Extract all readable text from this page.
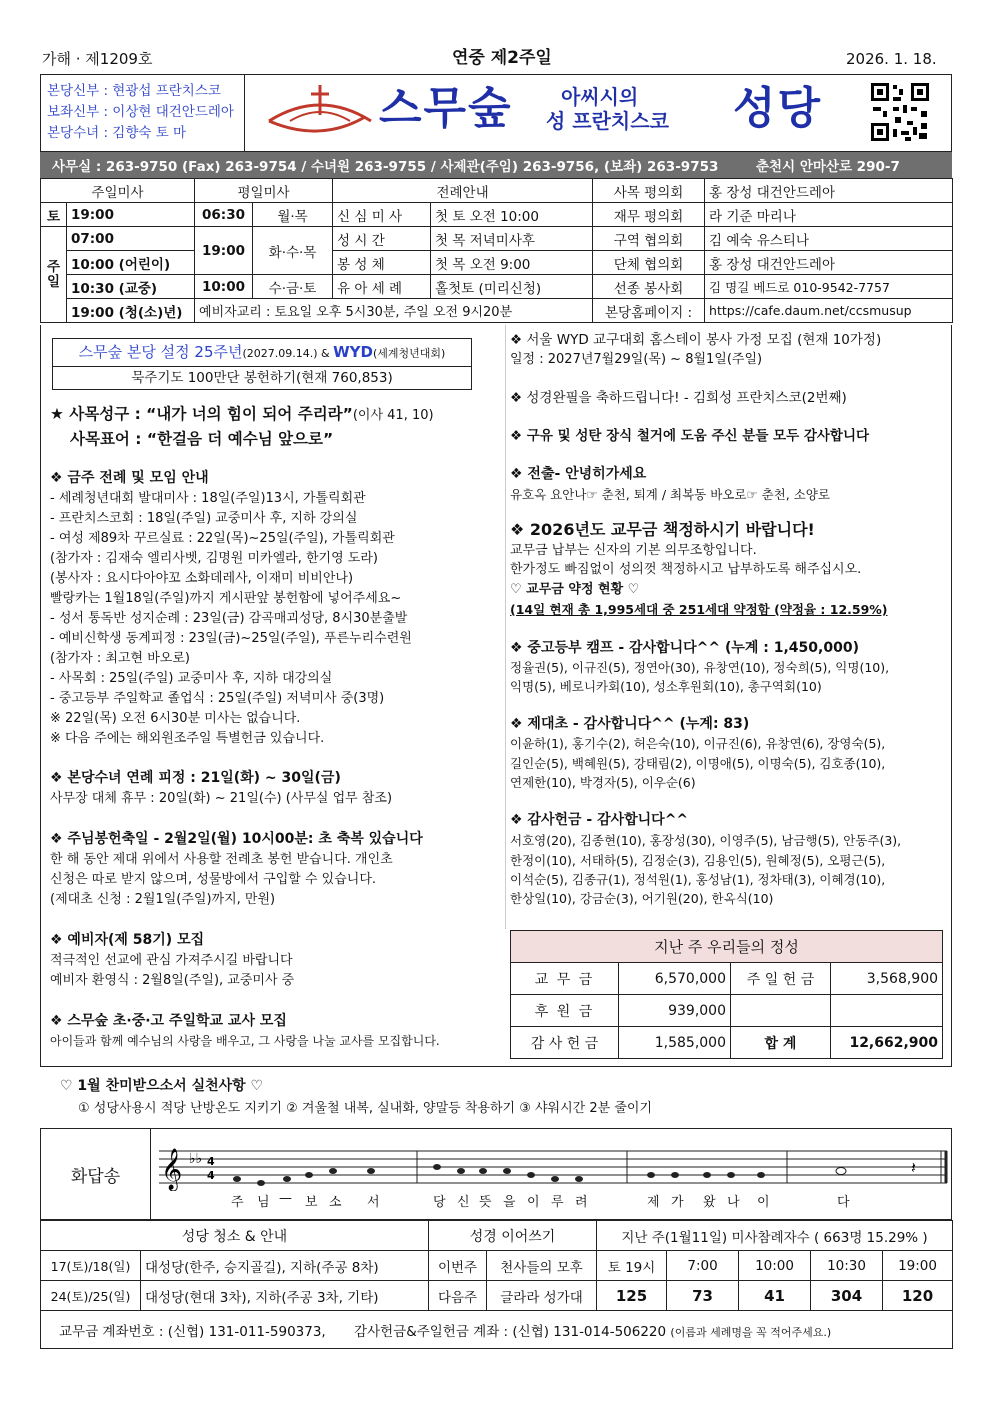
가해 · 제1209호	연중 제2주일	2026. 1. 18.
본당신부 : 현광섭 프란치스코
보좌신부 : 이상현 대건안드레아
본당수녀 : 김향숙 토 마	스무숲 아씨시의
성 프란치스코 성당
사무실 : 263-9750 (Fax) 263-9754 / 수녀원 263-9755 / 사제관(주임) 263-9756, (보좌) 263-9753	춘천시 안마산로 290-7
주일미사		평일미사		전례안내		사목 평의회	홍 장성 대건안드레아
토	19:00	06:30	월·목	신 심 미 사	첫 토 오전 10:00	재무 평의회	라 기준 마리나
주일	07:00	19:00	화·수·목	성 시 간	첫 목 저녁미사후	구역 협의회	김 예숙 유스티나
	10:00 (어린이)			봉 성 체	첫 목 오전 9:00	단체 협의회	홍 장성 대건안드레아
	10:30 (교중)	10:00	수·금·토	유 아 세 례	홀첫토 (미리신청)	선종 봉사회	김 명길 베드로 010-9542-7757
	19:00 (청(소)년)	예비자교리 : 토요일 오후 5시30분, 주일 오전 9시20분				본당홈페이지 :	https://cafe.daum.net/ccsmusup
스무숲 본당 설정 25주년(2027.09.14.) & WYD(세계청년대회)
묵주기도 100만단 봉헌하기(현재 760,853)
★ 사목성구 : “내가 너의 힘이 되어 주리라”(이사 41, 10)
사목표어 : “한걸음 더 예수님 앞으로”
❖ 금주 전례 및 모임 안내
- 세례청년대회 발대미사 : 18일(주일)13시, 가톨릭회관
- 프란치스코회 : 18일(주일) 교중미사 후, 지하 강의실
- 여성 제89차 꾸르실료 : 22일(목)~25일(주일), 가톨릭회관
(참가자 : 김재숙 엘리사벳, 김명원 미카엘라, 한기영 도라)
(봉사자 : 요시다아야꼬 소화데레사, 이재미 비비안나)
빨랑카는 1월18일(주일)까지 게시판앞 봉헌함에 넣어주세요~
- 성서 통독반 성지순례 : 23일(금) 감곡매괴성당, 8시30분출발
- 예비신학생 동계피정 : 23일(금)~25일(주일), 푸른누리수련원
(참가자 : 최고현 바오로)
- 사목회 : 25일(주일) 교중미사 후, 지하 대강의실
- 중고등부 주일학교 졸업식 : 25일(주일) 저녁미사 중(3명)
※ 22일(목) 오전 6시30분 미사는 없습니다.
※ 다음 주에는 해외원조주일 특별헌금 있습니다.
❖ 본당수녀 연례 피정 : 21일(화) ~ 30일(금)
사무장 대체 휴무 : 20일(화) ~ 21일(수) (사무실 업무 참조)
❖ 주님봉헌축일 - 2월2일(월) 10시00분: 초 축복 있습니다
한 해 동안 제대 위에서 사용할 전례초 봉헌 받습니다. 개인초
신청은 따로 받지 않으며, 성물방에서 구입할 수 있습니다.
(제대초 신청 : 2월1일(주일)까지, 만원)
❖ 예비자(제 58기) 모집
적극적인 선교에 관심 가져주시길 바랍니다
예비자 환영식 : 2월8일(주일), 교중미사 중
❖ 스무숲 초·중·고 주일학교 교사 모집
아이들과 함께 예수님의 사랑을 배우고, 그 사랑을 나눌 교사를 모집합니다.
❖ 서울 WYD 교구대회 홈스테이 봉사 가정 모집 (현재 10가정)
일정 : 2027년7월29일(목) ~ 8월1일(주일)
❖ 성경완필을 축하드립니다! - 김희성 프란치스코(2번째)
❖ 구유 및 성탄 장식 철거에 도움 주신 분들 모두 감사합니다
❖ 전출- 안녕히가세요
유호옥 요안나☞ 춘천, 퇴계 / 최복동 바오로☞ 춘천, 소양로
❖ 2026년도 교무금 책정하시기 바랍니다!
교무금 납부는 신자의 기본 의무조항입니다.
한가정도 빠짐없이 성의껏 책정하시고 납부하도록 해주십시오.
♡ 교무금 약정 현황 ♡
(14일 현재 총 1,995세대 중 251세대 약정함 (약정율 : 12.59%)
❖ 중고등부 캠프 - 감사합니다^^ (누계 : 1,450,000)
정율권(5), 이규진(5), 정연아(30), 유창연(10), 정숙희(5), 익명(10),
익명(5), 베로니카회(10), 성소후원회(10), 총구역회(10)
❖ 제대초 - 감사합니다^^ (누계: 83)
이윤하(1), 홍기수(2), 허은숙(10), 이규진(6), 유창연(6), 장영숙(5),
길인순(5), 백혜원(5), 강태림(2), 이명애(5), 이명숙(5), 김호종(10),
연제한(10), 박경자(5), 이우순(6)
❖ 감사헌금 - 감사합니다^^
서호영(20), 김종현(10), 홍장성(30), 이영주(5), 남금행(5), 안동주(3),
한정이(10), 서태하(5), 김정순(3), 김용인(5), 원혜정(5), 오평근(5),
이석순(5), 김종규(1), 정석원(1), 홍성남(1), 정차태(3), 이혜경(10),
한상일(10), 강금순(3), 어기원(20), 한옥식(10)
지난 주 우리들의 정성			
교 무 금	6,570,000	주 일 헌 금	3,568,900
후 원 금	939,000		
감 사 헌 금	1,585,000	합 계	12,662,900
♡ 1월 찬미받으소서 실천사항 ♡
① 성당사용시 적당 난방온도 지키기 ② 겨울철 내복, 실내화, 양말등 착용하기 ③ 샤워시간 2분 줄이기
화답송	𝄞 ♭♭ 4
4	𝄽
주 님 — 보 소 서	당 신 뜻 을 이 루 려	제 가 왔 나 이	다
성당 청소 & 안내		성경 이어쓰기		지난 주(1월11일) 미사참례자수 ( 663명 15.29% )				
17(토)/18(일)	대성당(한주, 승지골길), 지하(주공 8차)	이번주	천사들의 모후	토 19시	7:00	10:00	10:30	19:00
24(토)/25(일)	대성당(현대 3차), 지하(주공 3차, 기타)	다음주	글라라 성가대	125	73	41	304	120
교무금 계좌번호 : (신협) 131-011-590373, 감사헌금&주일헌금 계좌 : (신협) 131-014-506220 (이름과 세례명을 꼭 적어주세요.)								
